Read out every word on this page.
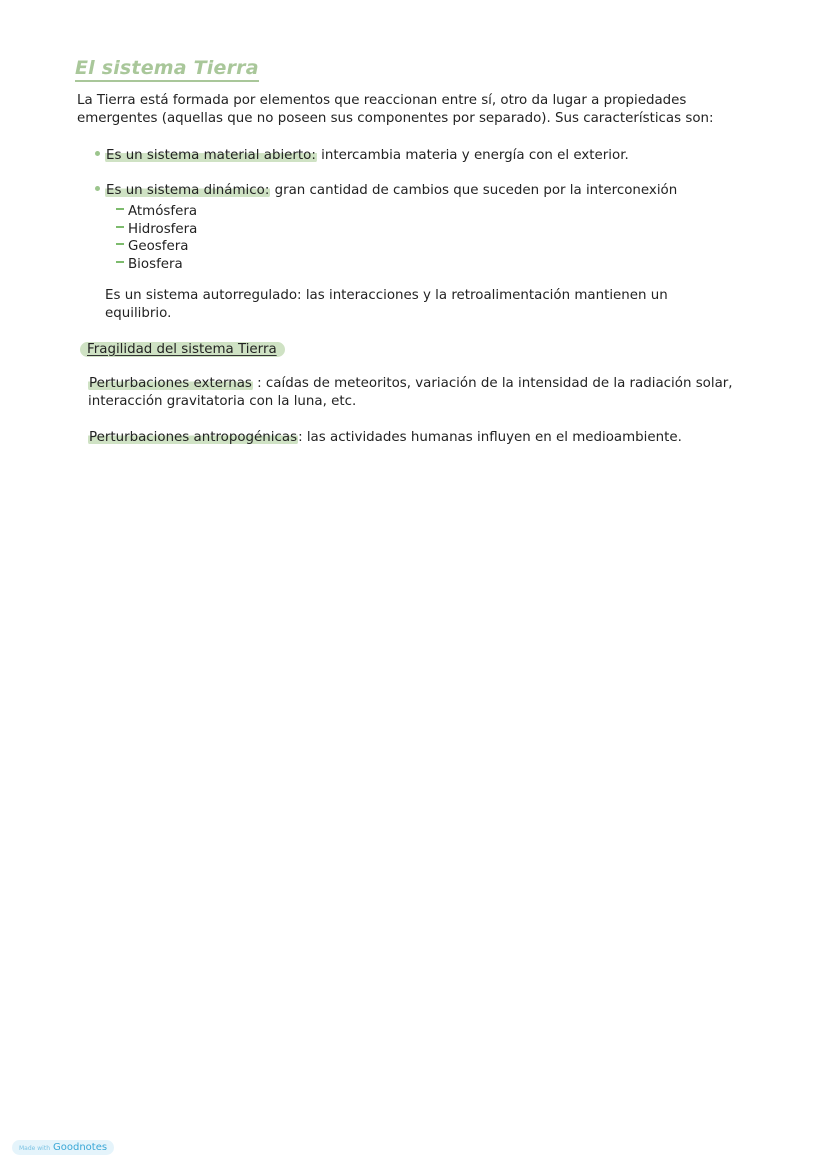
El sistema Tierra
La Tierra está formada por elementos que reaccionan entre sí, otro da lugar a propiedades
emergentes (aquellas que no poseen sus componentes por separado). Sus características son:
Es un sistema material abierto: intercambia materia y energía con el exterior.
Es un sistema dinámico: gran cantidad de cambios que suceden por la interconexión
Atmósfera
Hidrosfera
Geosfera
Biosfera
Es un sistema autorregulado: las interacciones y la retroalimentación mantienen un
equilibrio.
Fragilidad del sistema Tierra
Perturbaciones externas : caídas de meteoritos, variación de la intensidad de la radiación solar,
interacción gravitatoria con la luna, etc.
Perturbaciones antropogénicas: las actividades humanas influyen en el medioambiente.
Made with Goodnotes
